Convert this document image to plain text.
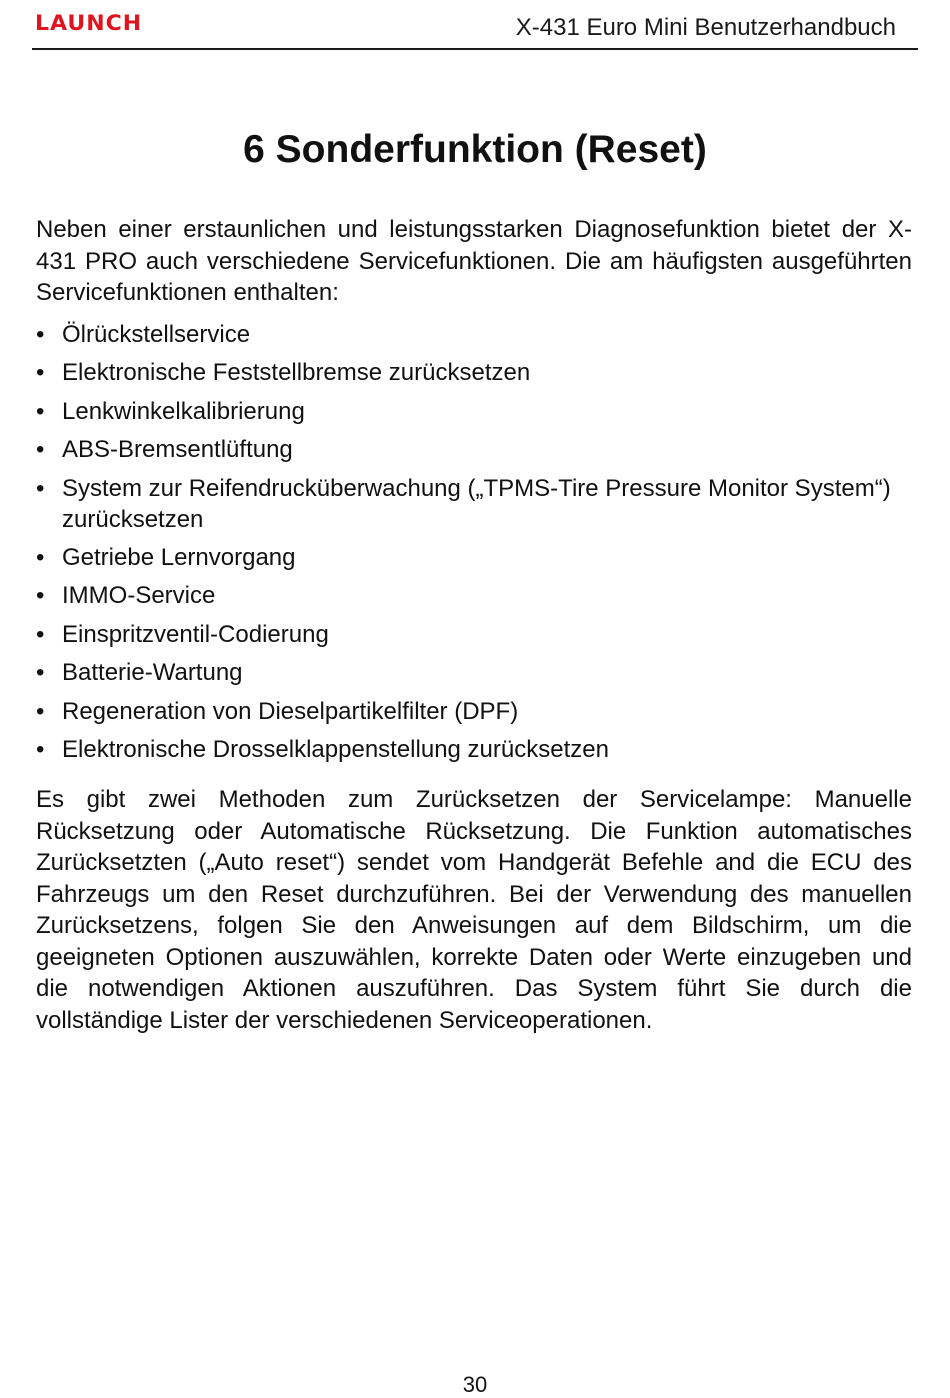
LAUNCH	X-431 Euro Mini Benutzerhandbuch
6 Sonderfunktion (Reset)

Neben einer erstaunlichen und leistungsstarken Diagnosefunktion bietet der X-431 PRO auch verschiedene Servicefunktionen. Die am häufigsten ausgeführten Servicefunktionen enthalten:

• Ölrückstellservice
• Elektronische Feststellbremse zurücksetzen
• Lenkwinkelkalibrierung
• ABS-Bremsentlüftung
• System zur Reifendrucküberwachung („TPMS-Tire Pressure Monitor System“) zurücksetzen
• Getriebe Lernvorgang
• IMMO-Service
• Einspritzventil-Codierung
• Batterie-Wartung
• Regeneration von Dieselpartikelfilter (DPF)
• Elektronische Drosselklappenstellung zurücksetzen

Es gibt zwei Methoden zum Zurücksetzen der Servicelampe: Manuelle Rücksetzung oder Automatische Rücksetzung. Die Funktion automatisches Zurücksetzten („Auto reset“) sendet vom Handgerät Befehle and die ECU des Fahrzeugs um den Reset durchzuführen. Bei der Verwendung des manuellen Zurücksetzens, folgen Sie den Anweisungen auf dem Bildschirm, um die geeigneten Optionen auszuwählen, korrekte Daten oder Werte einzugeben und die notwendigen Aktionen auszuführen. Das System führt Sie durch die vollständige Lister der verschiedenen Serviceoperationen.

30
